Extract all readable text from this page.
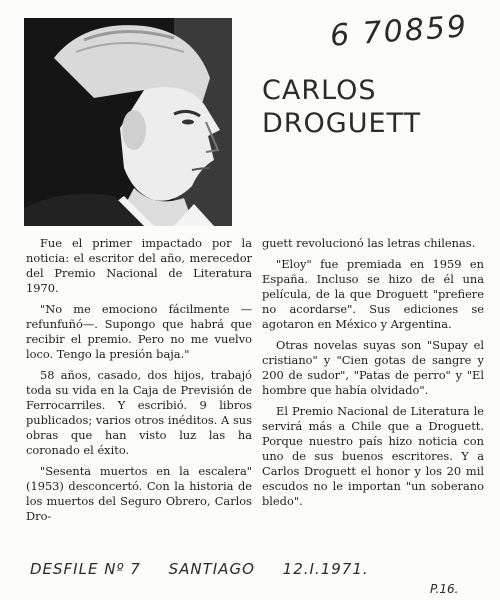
6 70859
CARLOS
DROGUETT

Fue el primer impactado por la noticia: el escritor del año, merecedor del Premio Nacional de Literatura 1970.

"No me emociono fácilmente —refunfuñó—. Supongo que habrá que recibir el premio. Pero no me vuelvo loco. Tengo la presión baja."

58 años, casado, dos hijos, trabajó toda su vida en la Caja de Previsión de Ferrocarriles. Y escribió. 9 libros publicados; varios otros inéditos. A sus obras que han visto luz las ha coronado el éxito.

"Sesenta muertos en la escalera" (1953) desconcertó. Con la historia de los muertos del Seguro Obrero, Carlos Dro-

guett revolucionó las letras chilenas.

"Eloy" fue premiada en 1959 en España. Incluso se hizo de él una película, de la que Droguett "prefiere no acordarse". Sus ediciones se agotaron en México y Argentina.

Otras novelas suyas son "Supay el cristiano" y "Cien gotas de sangre y 200 de sudor", "Patas de perro" y "El hombre que había olvidado".

El Premio Nacional de Literatura le servirá más a Chile que a Droguett. Porque nuestro país hizo noticia con uno de sus buenos escritores. Y a Carlos Droguett el honor y los 20 mil escudos no le importan "un soberano bledo".

DESFILE Nº 7 SANTIAGO 12.I.1971.
P.16.
